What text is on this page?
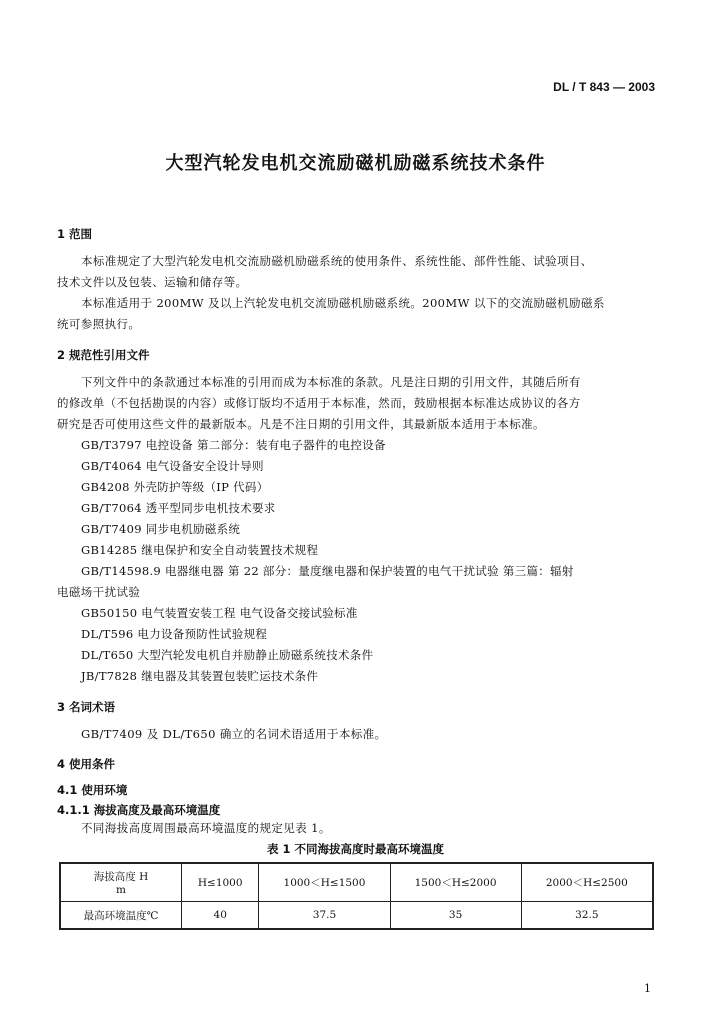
DL / T 843 — 2003
大型汽轮发电机交流励磁机励磁系统技术条件
1 范围
本标准规定了大型汽轮发电机交流励磁机励磁系统的使用条件、系统性能、部件性能、试验项目、
技术文件以及包装、运输和储存等。
本标准适用于 200MW 及以上汽轮发电机交流励磁机励磁系统。200MW 以下的交流励磁机励磁系
统可参照执行。
2 规范性引用文件
下列文件中的条款通过本标准的引用而成为本标准的条款。凡是注日期的引用文件，其随后所有
的修改单（不包括勘误的内容）或修订版均不适用于本标准，然而，鼓励根据本标准达成协议的各方
研究是否可使用这些文件的最新版本。凡是不注日期的引用文件，其最新版本适用于本标准。
GB/T3797 电控设备 第二部分：装有电子器件的电控设备
GB/T4064 电气设备安全设计导则
GB4208 外壳防护等级（IP 代码）
GB/T7064 透平型同步电机技术要求
GB/T7409 同步电机励磁系统
GB14285 继电保护和安全自动装置技术规程
GB/T14598.9 电器继电器 第 22 部分：量度继电器和保护装置的电气干扰试验 第三篇：辐射
电磁场干扰试验
GB50150 电气装置安装工程 电气设备交接试验标准
DL/T596 电力设备预防性试验规程
DL/T650 大型汽轮发电机自并励静止励磁系统技术条件
JB/T7828 继电器及其装置包装贮运技术条件
3 名词术语
GB/T7409 及 DL/T650 确立的名词术语适用于本标准。
4 使用条件
4.1 使用环境
4.1.1 海拔高度及最高环境温度
不同海拔高度周围最高环境温度的规定见表 1。
表 1 不同海拔高度时最高环境温度
海拔高度 H
m	H≤1000	1000＜H≤1500	1500＜H≤2000	2000＜H≤2500
最高环境温度℃	40	37.5	35	32.5
1
